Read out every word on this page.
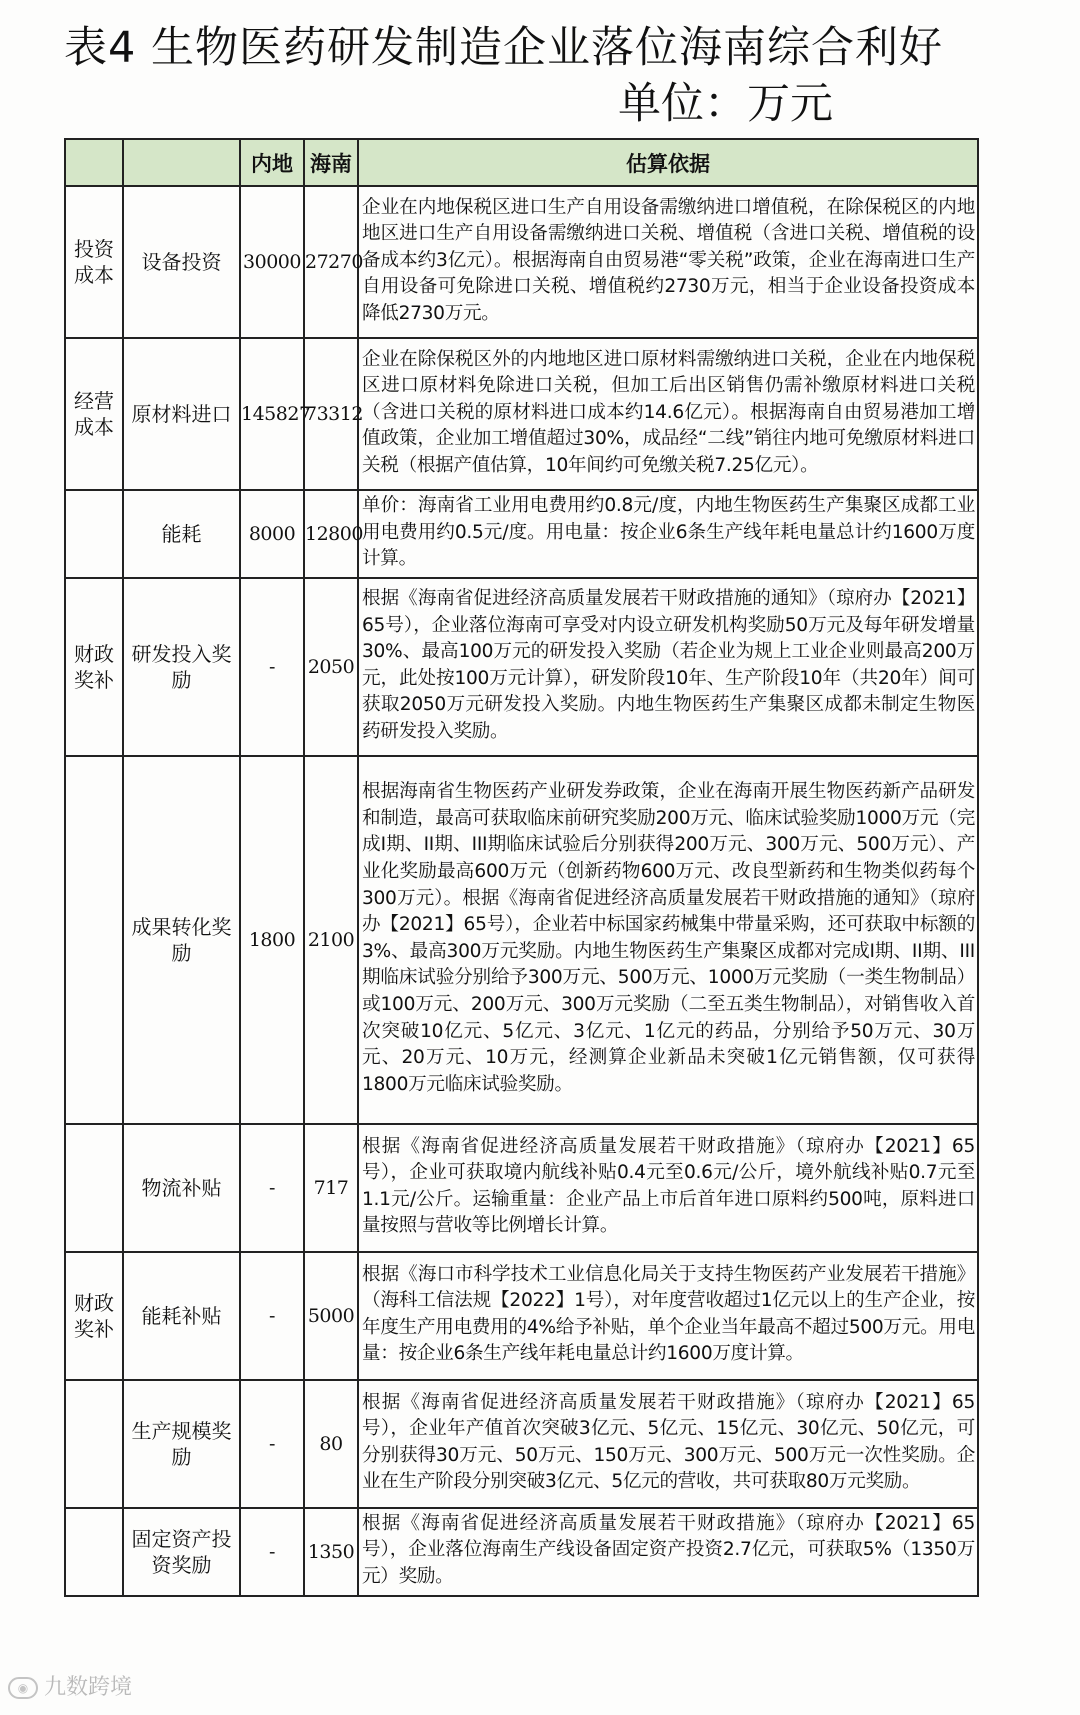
表4 生物医药研发制造企业落位海南综合利好
单位：万元
		内地	海南	估算依据
投资
成本	设备投资	30000	27270	企业在内地保税区进口生产自用设备需缴纳进口增值税，在除保税区的内地地区进口生产自用设备需缴纳进口关税、增值税（含进口关税、增值税的设备成本约3亿元）。根据海南自由贸易港“零关税”政策，企业在海南进口生产自用设备可免除进口关税、增值税约2730万元，相当于企业设备投资成本降低2730万元。
经营
成本	原材料进口	145827	73312	企业在除保税区外的内地地区进口原材料需缴纳进口关税，企业在内地保税区进口原材料免除进口关税，但加工后出区销售仍需补缴原材料进口关税（含进口关税的原材料进口成本约14.6亿元）。根据海南自由贸易港加工增值政策，企业加工增值超过30%，成品经“二线”销往内地可免缴原材料进口关税（根据产值估算，10年间约可免缴关税7.25亿元）。
	能耗	8000	12800	单价：海南省工业用电费用约0.8元/度，内地生物医药生产集聚区成都工业用电费用约0.5元/度。用电量：按企业6条生产线年耗电量总计约1600万度计算。
财政
奖补	研发投入奖励	-	2050	根据《海南省促进经济高质量发展若干财政措施的通知》（琼府办【2021】65号），企业落位海南可享受对内设立研发机构奖励50万元及每年研发增量30%、最高100万元的研发投入奖励（若企业为规上工业企业则最高200万元，此处按100万元计算），研发阶段10年、生产阶段10年（共20年）间可获取2050万元研发投入奖励。内地生物医药生产集聚区成都未制定生物医药研发投入奖励。
	成果转化奖励	1800	2100	根据海南省生物医药产业研发券政策，企业在海南开展生物医药新产品研发和制造，最高可获取临床前研究奖励200万元、临床试验奖励1000万元（完成I期、II期、III期临床试验后分别获得200万元、300万元、500万元）、产业化奖励最高600万元（创新药物600万元、改良型新药和生物类似药每个300万元）。根据《海南省促进经济高质量发展若干财政措施的通知》（琼府办【2021】65号），企业若中标国家药械集中带量采购，还可获取中标额的3%、最高300万元奖励。内地生物医药生产集聚区成都对完成I期、II期、III期临床试验分别给予300万元、500万元、1000万元奖励（一类生物制品）或100万元、200万元、300万元奖励（二至五类生物制品），对销售收入首次突破10亿元、5亿元、3亿元、1亿元的药品，分别给予50万元、30万元、20万元、10万元，经测算企业新品未突破1亿元销售额，仅可获得1800万元临床试验奖励。
	物流补贴	-	717	根据《海南省促进经济高质量发展若干财政措施》（琼府办【2021】65号），企业可获取境内航线补贴0.4元至0.6元/公斤，境外航线补贴0.7元至1.1元/公斤。运输重量：企业产品上市后首年进口原料约500吨，原料进口量按照与营收等比例增长计算。
财政
奖补	能耗补贴	-	5000	根据《海口市科学技术工业信息化局关于支持生物医药产业发展若干措施》（海科工信法规【2022】1号），对年度营收超过1亿元以上的生产企业，按年度生产用电费用的4%给予补贴，单个企业当年最高不超过500万元。用电量：按企业6条生产线年耗电量总计约1600万度计算。
	生产规模奖励	-	80	根据《海南省促进经济高质量发展若干财政措施》（琼府办【2021】65号），企业年产值首次突破3亿元、5亿元、15亿元、30亿元、50亿元，可分别获得30万元、50万元、150万元、300万元、500万元一次性奖励。企业在生产阶段分别突破3亿元、5亿元的营收，共可获取80万元奖励。
	固定资产投资奖励	-	1350	根据《海南省促进经济高质量发展若干财政措施》（琼府办【2021】65号），企业落位海南生产线设备固定资产投资2.7亿元，可获取5%（1350万元）奖励。
◉ 九数跨境
